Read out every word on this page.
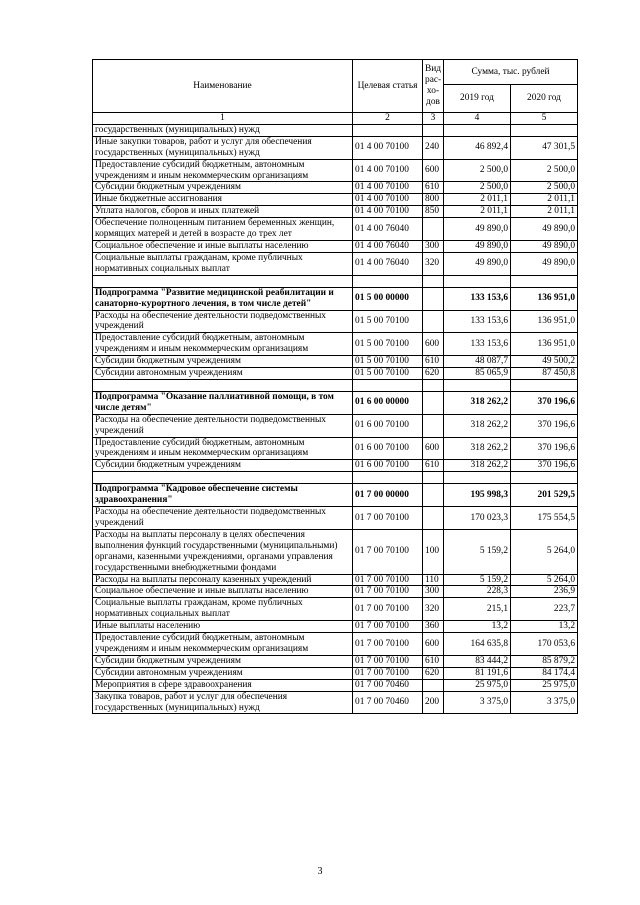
Наименование	Целевая статья	Вид рас-хо-дов	Сумма, тыс. рублей	
			2019 год	2020 год
1	2	3	4	5
государственных (муниципальных) нужд				
Иные закупки товаров, работ и услуг для обеспечения государственных (муниципальных) нужд	01 4 00 70100	240	46 892,4	47 301,5
Предоставление субсидий бюджетным, автономным учреждениям и иным некоммерческим организациям	01 4 00 70100	600	2 500,0	2 500,0
Субсидии бюджетным учреждениям	01 4 00 70100	610	2 500,0	2 500,0
Иные бюджетные ассигнования	01 4 00 70100	800	2 011,1	2 011,1
Уплата налогов, сборов и иных платежей	01 4 00 70100	850	2 011,1	2 011,1
Обеспечение полноценным питанием беременных женщин, кормящих матерей и детей в возрасте до трех лет	01 4 00 76040		49 890,0	49 890,0
Социальное обеспечение и иные выплаты населению	01 4 00 76040	300	49 890,0	49 890,0
Социальные выплаты гражданам, кроме публичных нормативных социальных выплат	01 4 00 76040	320	49 890,0	49 890,0

Подпрограмма "Развитие медицинской реабилитации и санаторно-курортного лечения, в том числе детей"	01 5 00 00000		133 153,6	136 951,0
Расходы на обеспечение деятельности подведомственных учреждений	01 5 00 70100		133 153,6	136 951,0
Предоставление субсидий бюджетным, автономным учреждениям и иным некоммерческим организациям	01 5 00 70100	600	133 153,6	136 951,0
Субсидии бюджетным учреждениям	01 5 00 70100	610	48 087,7	49 500,2
Субсидии автономным учреждениям	01 5 00 70100	620	85 065,9	87 450,8

Подпрограмма "Оказание паллиативной помощи, в том числе детям"	01 6 00 00000		318 262,2	370 196,6
Расходы на обеспечение деятельности подведомственных учреждений	01 6 00 70100		318 262,2	370 196,6
Предоставление субсидий бюджетным, автономным учреждениям и иным некоммерческим организациям	01 6 00 70100	600	318 262,2	370 196,6
Субсидии бюджетным учреждениям	01 6 00 70100	610	318 262,2	370 196,6

Подпрограмма "Кадровое обеспечение системы здравоохранения"	01 7 00 00000		195 998,3	201 529,5
Расходы на обеспечение деятельности подведомственных учреждений	01 7 00 70100		170 023,3	175 554,5
Расходы на выплаты персоналу в целях обеспечения выполнения функций государственными (муниципальными) органами, казенными учреждениями, органами управления государственными внебюджетными фондами	01 7 00 70100	100	5 159,2	5 264,0
Расходы на выплаты персоналу казенных учреждений	01 7 00 70100	110	5 159,2	5 264,0
Социальное обеспечение и иные выплаты населению	01 7 00 70100	300	228,3	236,9
Социальные выплаты гражданам, кроме публичных нормативных социальных выплат	01 7 00 70100	320	215,1	223,7
Иные выплаты населению	01 7 00 70100	360	13,2	13,2
Предоставление субсидий бюджетным, автономным учреждениям и иным некоммерческим организациям	01 7 00 70100	600	164 635,8	170 053,6
Субсидии бюджетным учреждениям	01 7 00 70100	610	83 444,2	85 879,2
Субсидии автономным учреждениям	01 7 00 70100	620	81 191,6	84 174,4
Мероприятия в сфере здравоохранения	01 7 00 70460		25 975,0	25 975,0
Закупка товаров, работ и услуг для обеспечения государственных (муниципальных) нужд	01 7 00 70460	200	3 375,0	3 375,0
3
